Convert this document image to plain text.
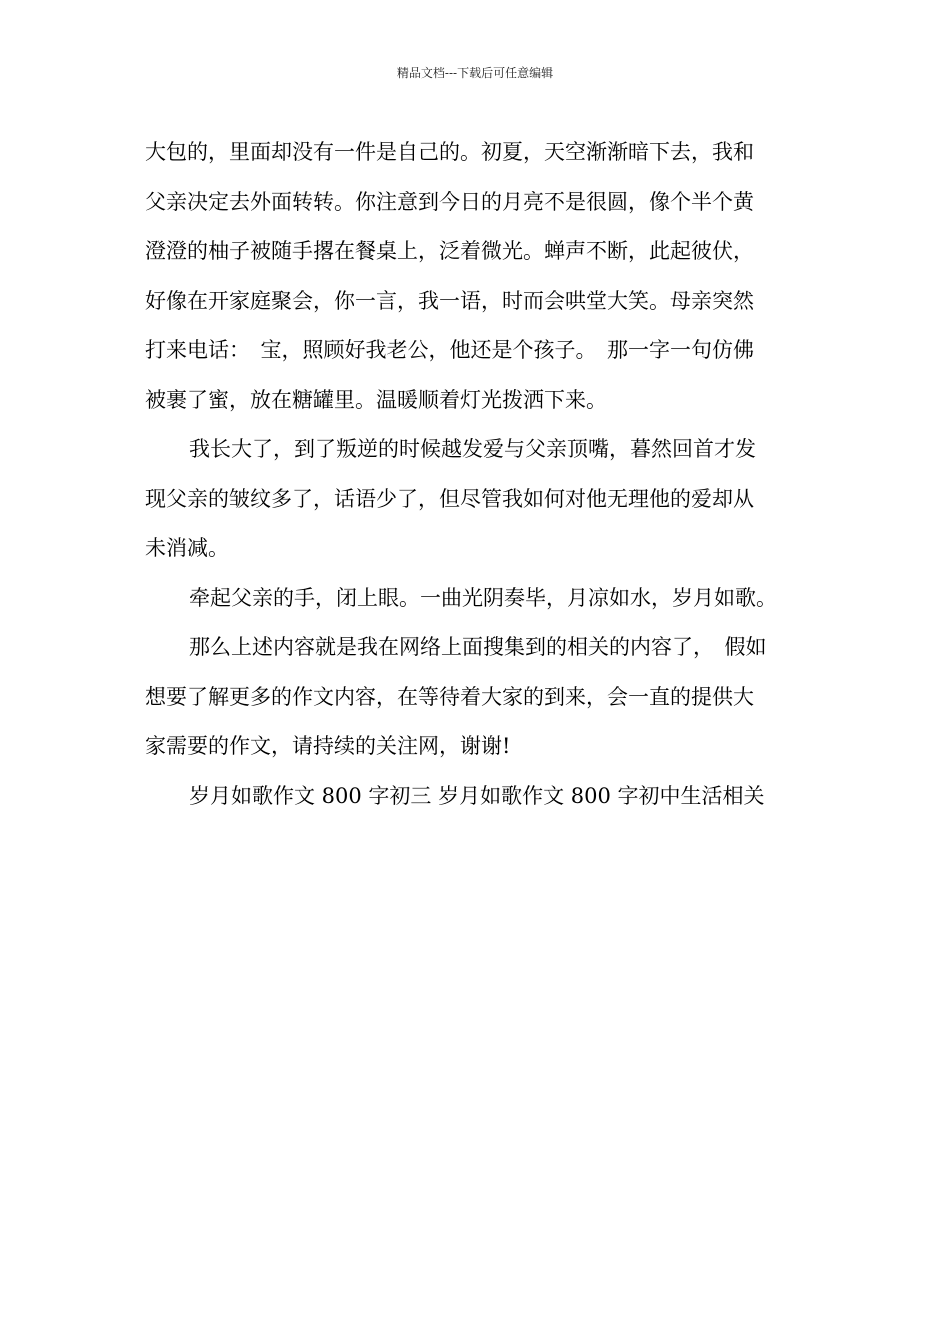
精品文档---下载后可任意编辑
大包的，里面却没有一件是自己的。初夏，天空渐渐暗下去，我和
父亲决定去外面转转。你注意到今日的月亮不是很圆，像个半个黄
澄澄的柚子被随手撂在餐桌上，泛着微光。蝉声不断，此起彼伏，
好像在开家庭聚会，你一言，我一语，时而会哄堂大笑。母亲突然
打来电话：　宝，照顾好我老公，他还是个孩子。　那一字一句仿佛
被裹了蜜，放在糖罐里。温暖顺着灯光拨洒下来。
我长大了，到了叛逆的时候越发爱与父亲顶嘴，暮然回首才发
现父亲的皱纹多了，话语少了，但尽管我如何对他无理他的爱却从
未消减。
牵起父亲的手，闭上眼。一曲光阴奏毕，月凉如水，岁月如歌。
那么上述内容就是我在网络上面搜集到的相关的内容了，　假如
想要了解更多的作文内容，在等待着大家的到来，会一直的提供大
家需要的作文，请持续的关注网，谢谢!
岁月如歌作文 800 字初三 岁月如歌作文 800 字初中生活相关
